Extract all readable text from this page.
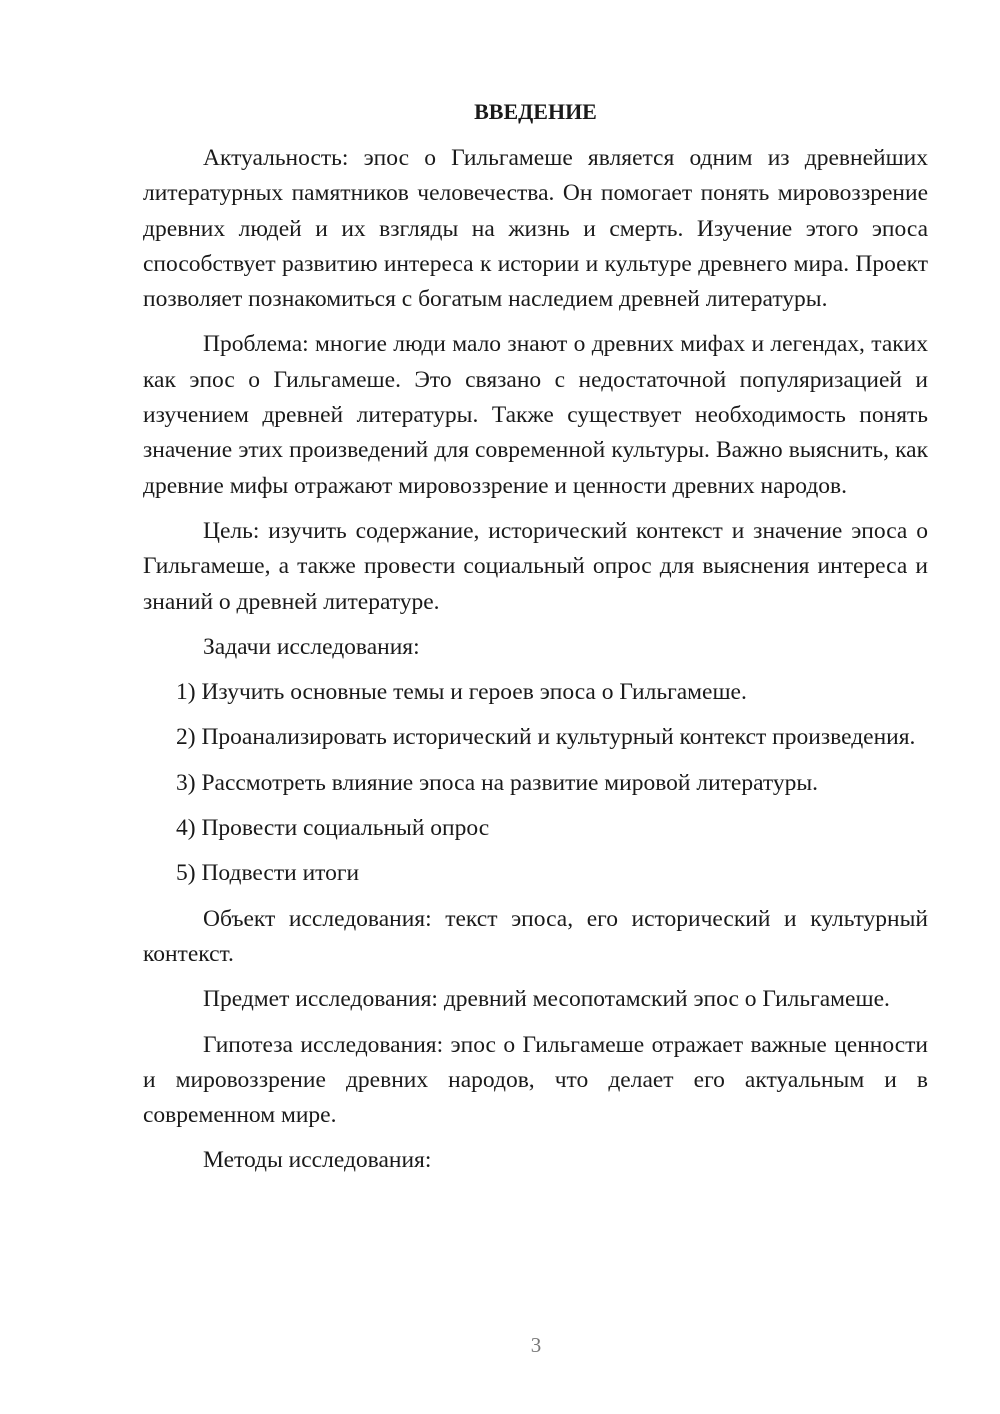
ВВЕДЕНИЕ

Актуальность: эпос о Гильгамеше является одним из древнейших литературных памятников человечества. Он помогает понять мировоззрение древних людей и их взгляды на жизнь и смерть. Изучение этого эпоса способствует развитию интереса к истории и культуре древнего мира. Проект позволяет познакомиться с богатым наследием древней литературы.

Проблема: многие люди мало знают о древних мифах и легендах, таких как эпос о Гильгамеше. Это связано с недостаточной популяризацией и изучением древней литературы. Также существует необходимость понять значение этих произведений для современной культуры. Важно выяснить, как древние мифы отражают мировоззрение и ценности древних народов.

Цель: изучить содержание, исторический контекст и значение эпоса о Гильгамеше, а также провести социальный опрос для выяснения интереса и знаний о древней литературе.

Задачи исследования:

1) Изучить основные темы и героев эпоса о Гильгамеше.

2) Проанализировать исторический и культурный контекст произведения.

3) Рассмотреть влияние эпоса на развитие мировой литературы.

4) Провести социальный опрос

5) Подвести итоги

Объект исследования: текст эпоса, его исторический и культурный контекст.

Предмет исследования: древний месопотамский эпос о Гильгамеше.

Гипотеза исследования: эпос о Гильгамеше отражает важные ценности и мировоззрение древних народов, что делает его актуальным и в современном мире.

Методы исследования:

3
